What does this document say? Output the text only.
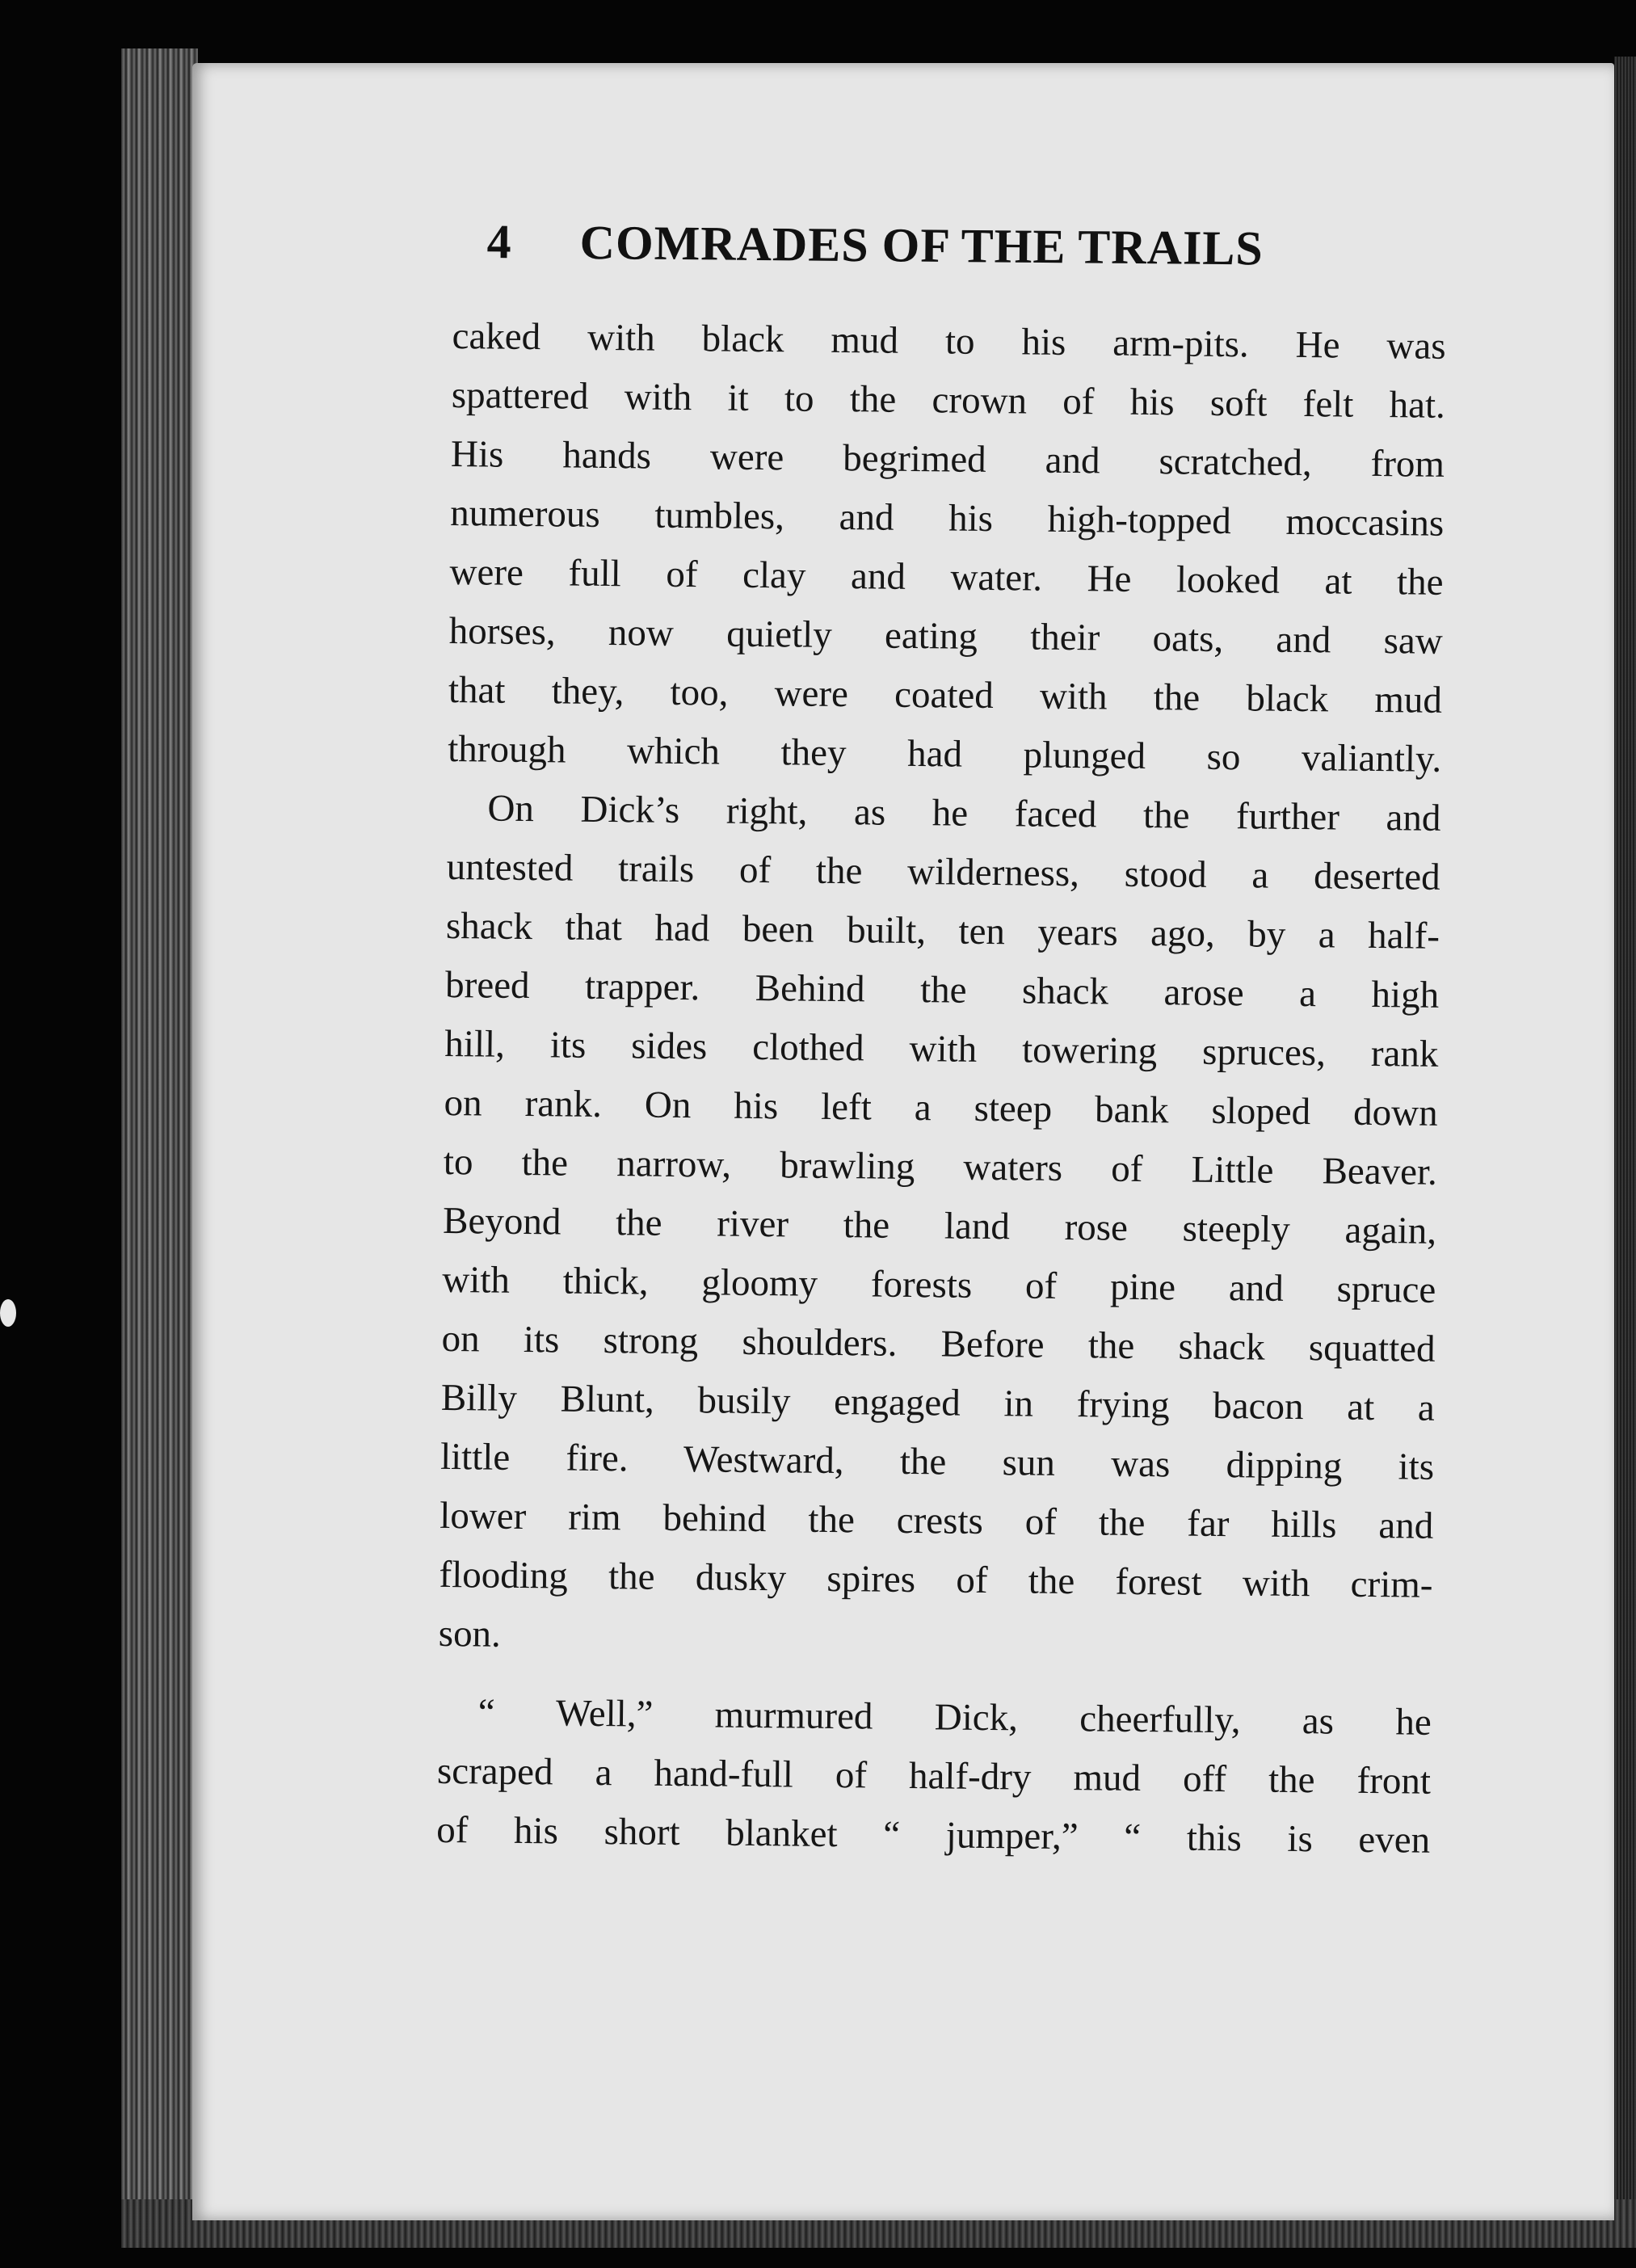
4 COMRADES OF THE TRAILS
caked with black mud to his arm-pits. He was
spattered with it to the crown of his soft felt hat.
His hands were begrimed and scratched, from
numerous tumbles, and his high-topped moccasins
were full of clay and water. He looked at the
horses, now quietly eating their oats, and saw
that they, too, were coated with the black mud
through which they had plunged so valiantly.
On Dick’s right, as he faced the further and
untested trails of the wilderness, stood a deserted
shack that had been built, ten years ago, by a half-
breed trapper. Behind the shack arose a high
hill, its sides clothed with towering spruces, rank
on rank. On his left a steep bank sloped down
to the narrow, brawling waters of Little Beaver.
Beyond the river the land rose steeply again,
with thick, gloomy forests of pine and spruce
on its strong shoulders. Before the shack squatted
Billy Blunt, busily engaged in frying bacon at a
little fire. Westward, the sun was dipping its
lower rim behind the crests of the far hills and
flooding the dusky spires of the forest with crim-
son.
“ Well,” murmured Dick, cheerfully, as he
scraped a hand-full of half-dry mud off the front
of his short blanket “ jumper,” “ this is even
